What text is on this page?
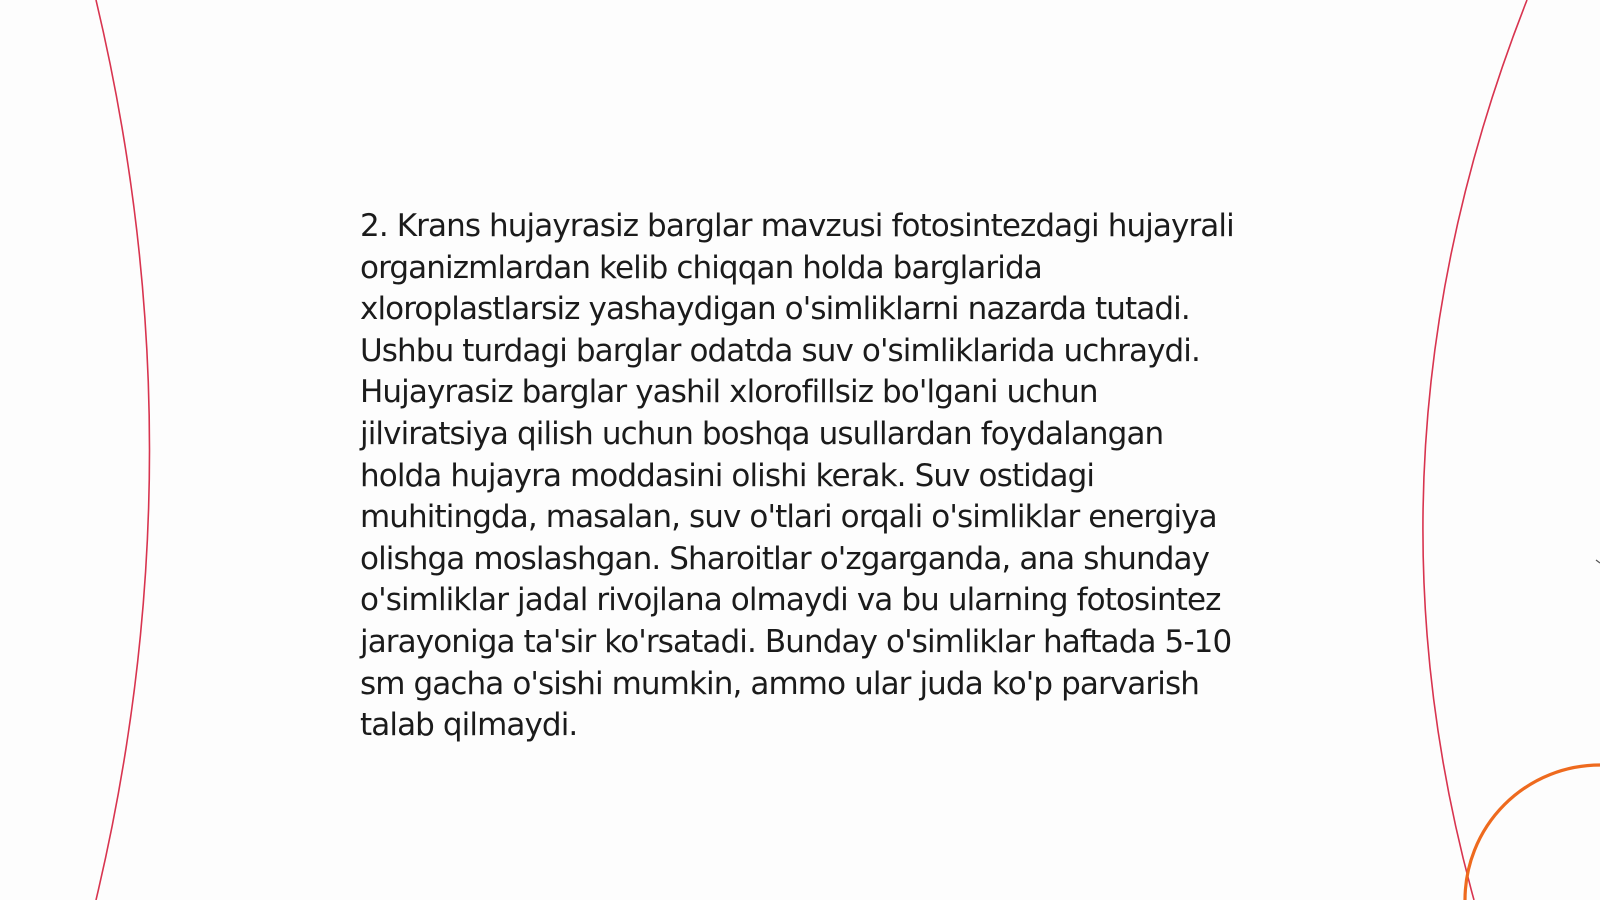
2. Krans hujayrasiz barglar mavzusi fotosintezdagi hujayrali organizmlardan kelib chiqqan holda barglarida xloroplastlarsiz yashaydigan o'simliklarni nazarda tutadi. Ushbu turdagi barglar odatda suv o'simliklarida uchraydi. Hujayrasiz barglar yashil xlorofillsiz bo'lgani uchun jilviratsiya qilish uchun boshqa usullardan foydalangan holda hujayra moddasini olishi kerak. Suv ostidagi muhitingda, masalan, suv o'tlari orqali o'simliklar energiya olishga moslashgan. Sharoitlar o'zgarganda, ana shunday o'simliklar jadal rivojlana olmaydi va bu ularning fotosintez jarayoniga ta'sir ko'rsatadi. Bunday o'simliklar haftada 5-10 sm gacha o'sishi mumkin, ammo ular juda ko'p parvarish talab qilmaydi.
